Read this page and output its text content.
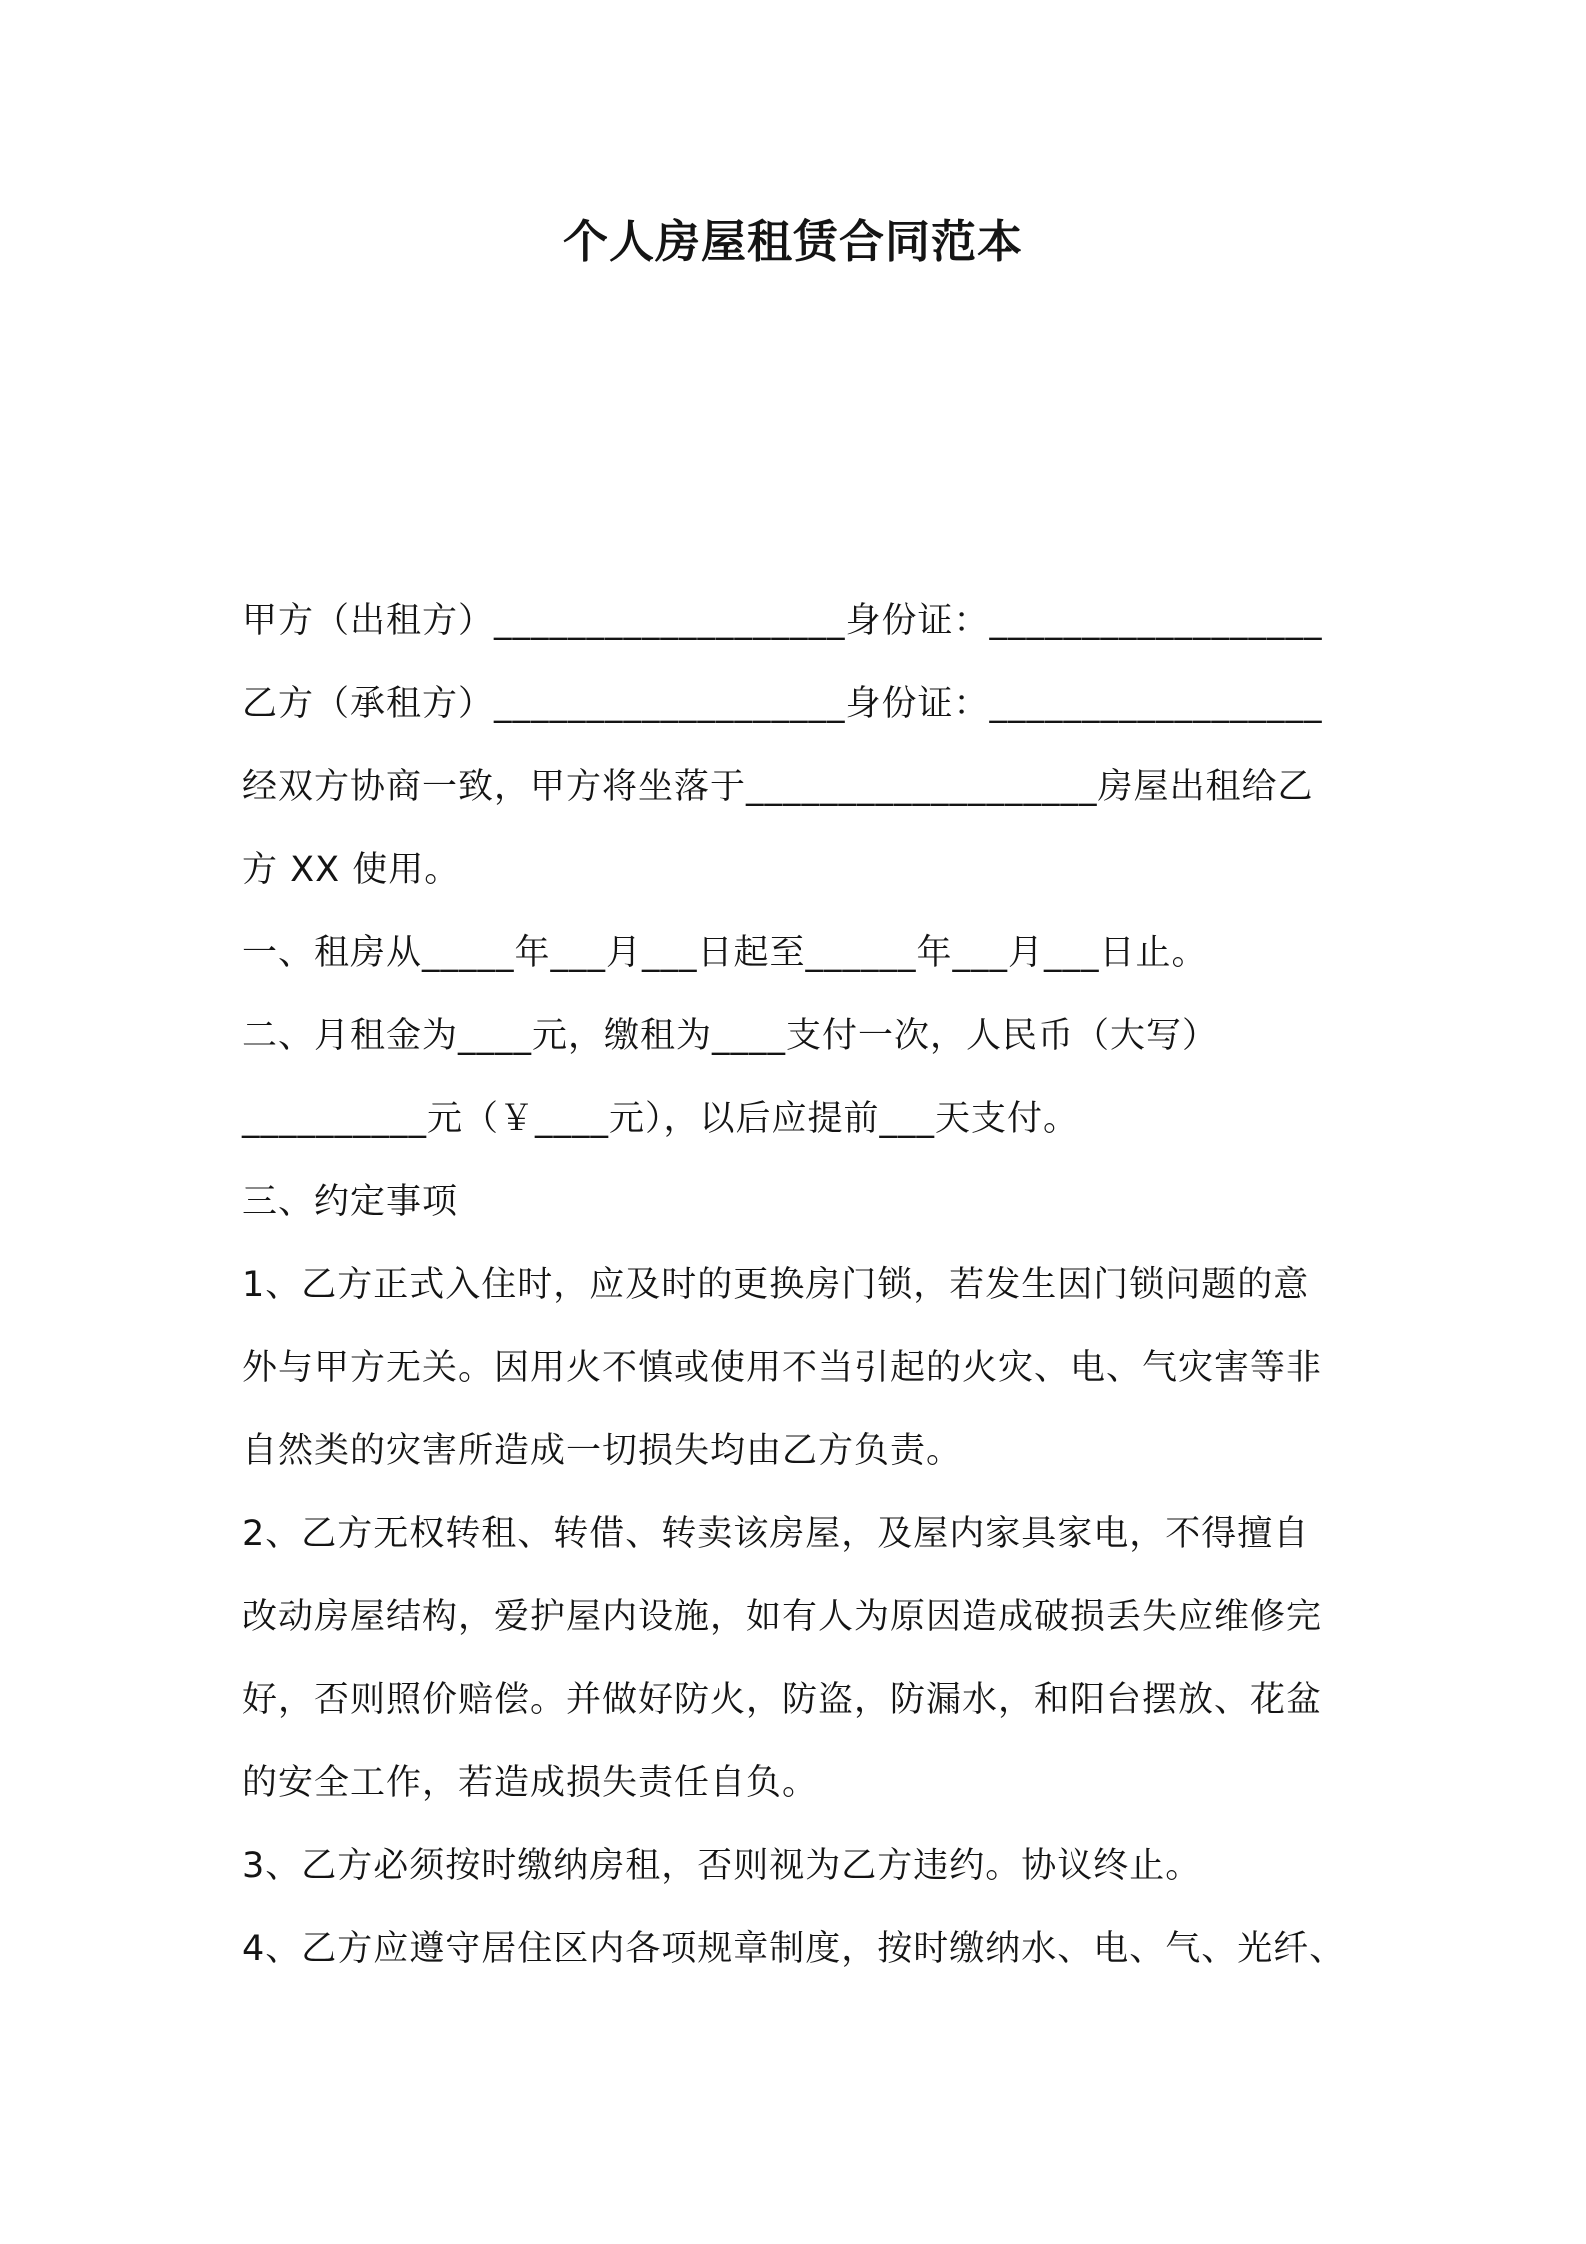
个人房屋租赁合同范本
甲方（出租方）___________________身份证：__________________
乙方（承租方）___________________身份证：__________________
经双方协商一致，甲方将坐落于___________________房屋出租给乙
方 XX 使用。
一、租房从_____年___月___日起至______年___月___日止。
二、月租金为____元，缴租为____支付一次，人民币（大写）
__________元（￥____元），以后应提前___天支付。
三、约定事项
1、乙方正式入住时，应及时的更换房门锁，若发生因门锁问题的意
外与甲方无关。因用火不慎或使用不当引起的火灾、电、气灾害等非
自然类的灾害所造成一切损失均由乙方负责。
2、乙方无权转租、转借、转卖该房屋，及屋内家具家电，不得擅自
改动房屋结构，爱护屋内设施，如有人为原因造成破损丢失应维修完
好，否则照价赔偿。并做好防火，防盗，防漏水，和阳台摆放、花盆
的安全工作，若造成损失责任自负。
3、乙方必须按时缴纳房租，否则视为乙方违约。协议终止。
4、乙方应遵守居住区内各项规章制度，按时缴纳水、电、气、光纤、
